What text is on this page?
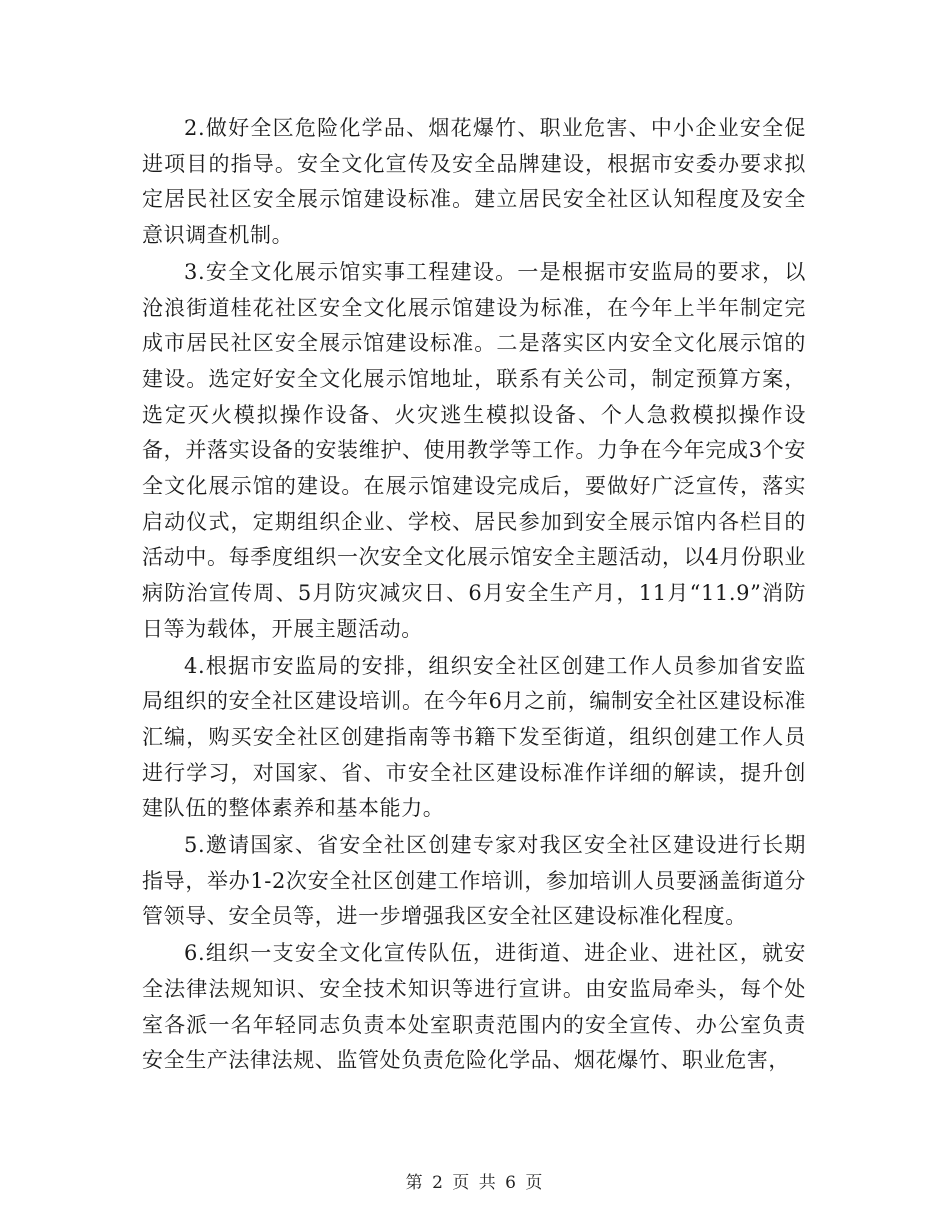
2.做好全区危险化学品、烟花爆竹、职业危害、中小企业安全促进项目的指导。安全文化宣传及安全品牌建设，根据市安委办要求拟定居民社区安全展示馆建设标准。建立居民安全社区认知程度及安全意识调查机制。

3.安全文化展示馆实事工程建设。一是根据市安监局的要求，以沧浪街道桂花社区安全文化展示馆建设为标准，在今年上半年制定完成市居民社区安全展示馆建设标准。二是落实区内安全文化展示馆的建设。选定好安全文化展示馆地址，联系有关公司，制定预算方案，选定灭火模拟操作设备、火灾逃生模拟设备、个人急救模拟操作设备，并落实设备的安装维护、使用教学等工作。力争在今年完成3个安全文化展示馆的建设。在展示馆建设完成后，要做好广泛宣传，落实启动仪式，定期组织企业、学校、居民参加到安全展示馆内各栏目的活动中。每季度组织一次安全文化展示馆安全主题活动，以4月份职业病防治宣传周、5月防灾减灾日、6月安全生产月，11月“11.9”消防日等为载体，开展主题活动。

4.根据市安监局的安排，组织安全社区创建工作人员参加省安监局组织的安全社区建设培训。在今年6月之前，编制安全社区建设标准汇编，购买安全社区创建指南等书籍下发至街道，组织创建工作人员进行学习，对国家、省、市安全社区建设标准作详细的解读，提升创建队伍的整体素养和基本能力。

5.邀请国家、省安全社区创建专家对我区安全社区建设进行长期指导，举办1-2次安全社区创建工作培训，参加培训人员要涵盖街道分管领导、安全员等，进一步增强我区安全社区建设标准化程度。

6.组织一支安全文化宣传队伍，进街道、进企业、进社区，就安全法律法规知识、安全技术知识等进行宣讲。由安监局牵头，每个处室各派一名年轻同志负责本处室职责范围内的安全宣传、办公室负责安全生产法律法规、监管处负责危险化学品、烟花爆竹、职业危害，

第 2 页 共 6 页
